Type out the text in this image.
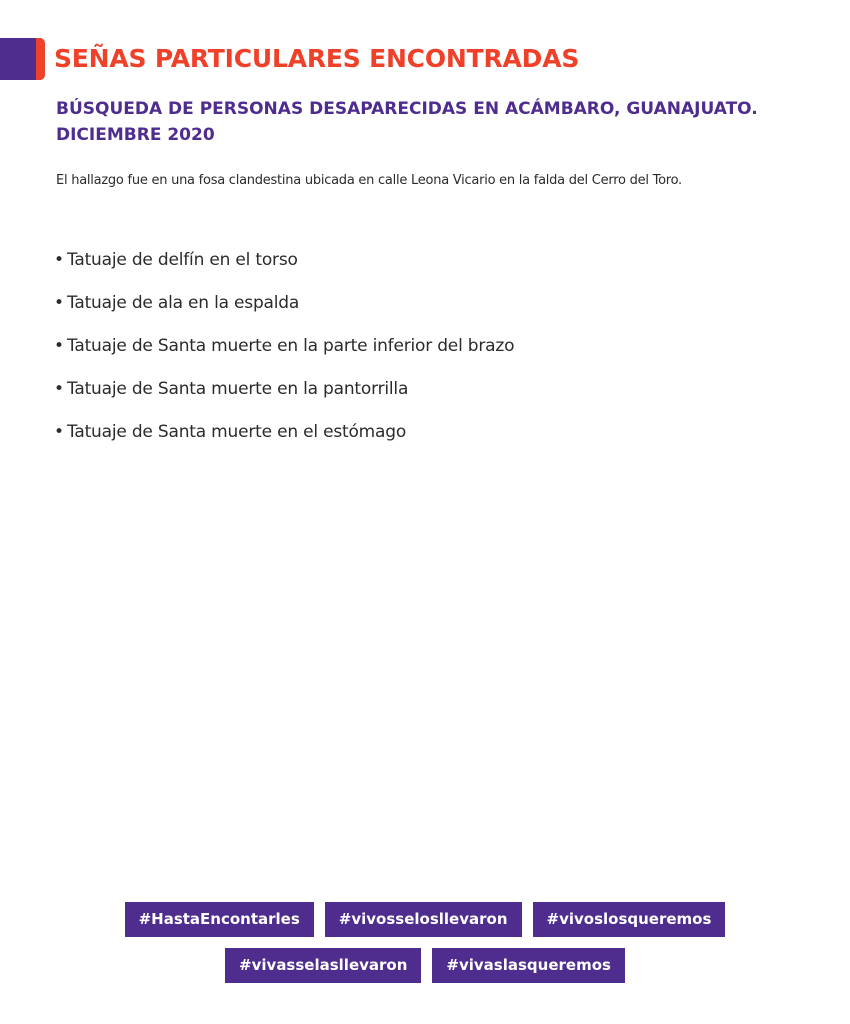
SEÑAS PARTICULARES ENCONTRADAS
BÚSQUEDA DE PERSONAS DESAPARECIDAS EN ACÁMBARO, GUANAJUATO. DICIEMBRE 2020

El hallazgo fue en una fosa clandestina ubicada en calle Leona Vicario en la falda del Cerro del Toro.

• Tatuaje de delfín en el torso
• Tatuaje de ala en la espalda
• Tatuaje de Santa muerte en la parte inferior del brazo
• Tatuaje de Santa muerte en la pantorrilla
• Tatuaje de Santa muerte en el estómago
#HastaEncontarles	#vivosselosllevaron	#vivoslosqueremos
#vivasselasllevaron	#vivaslasqueremos
